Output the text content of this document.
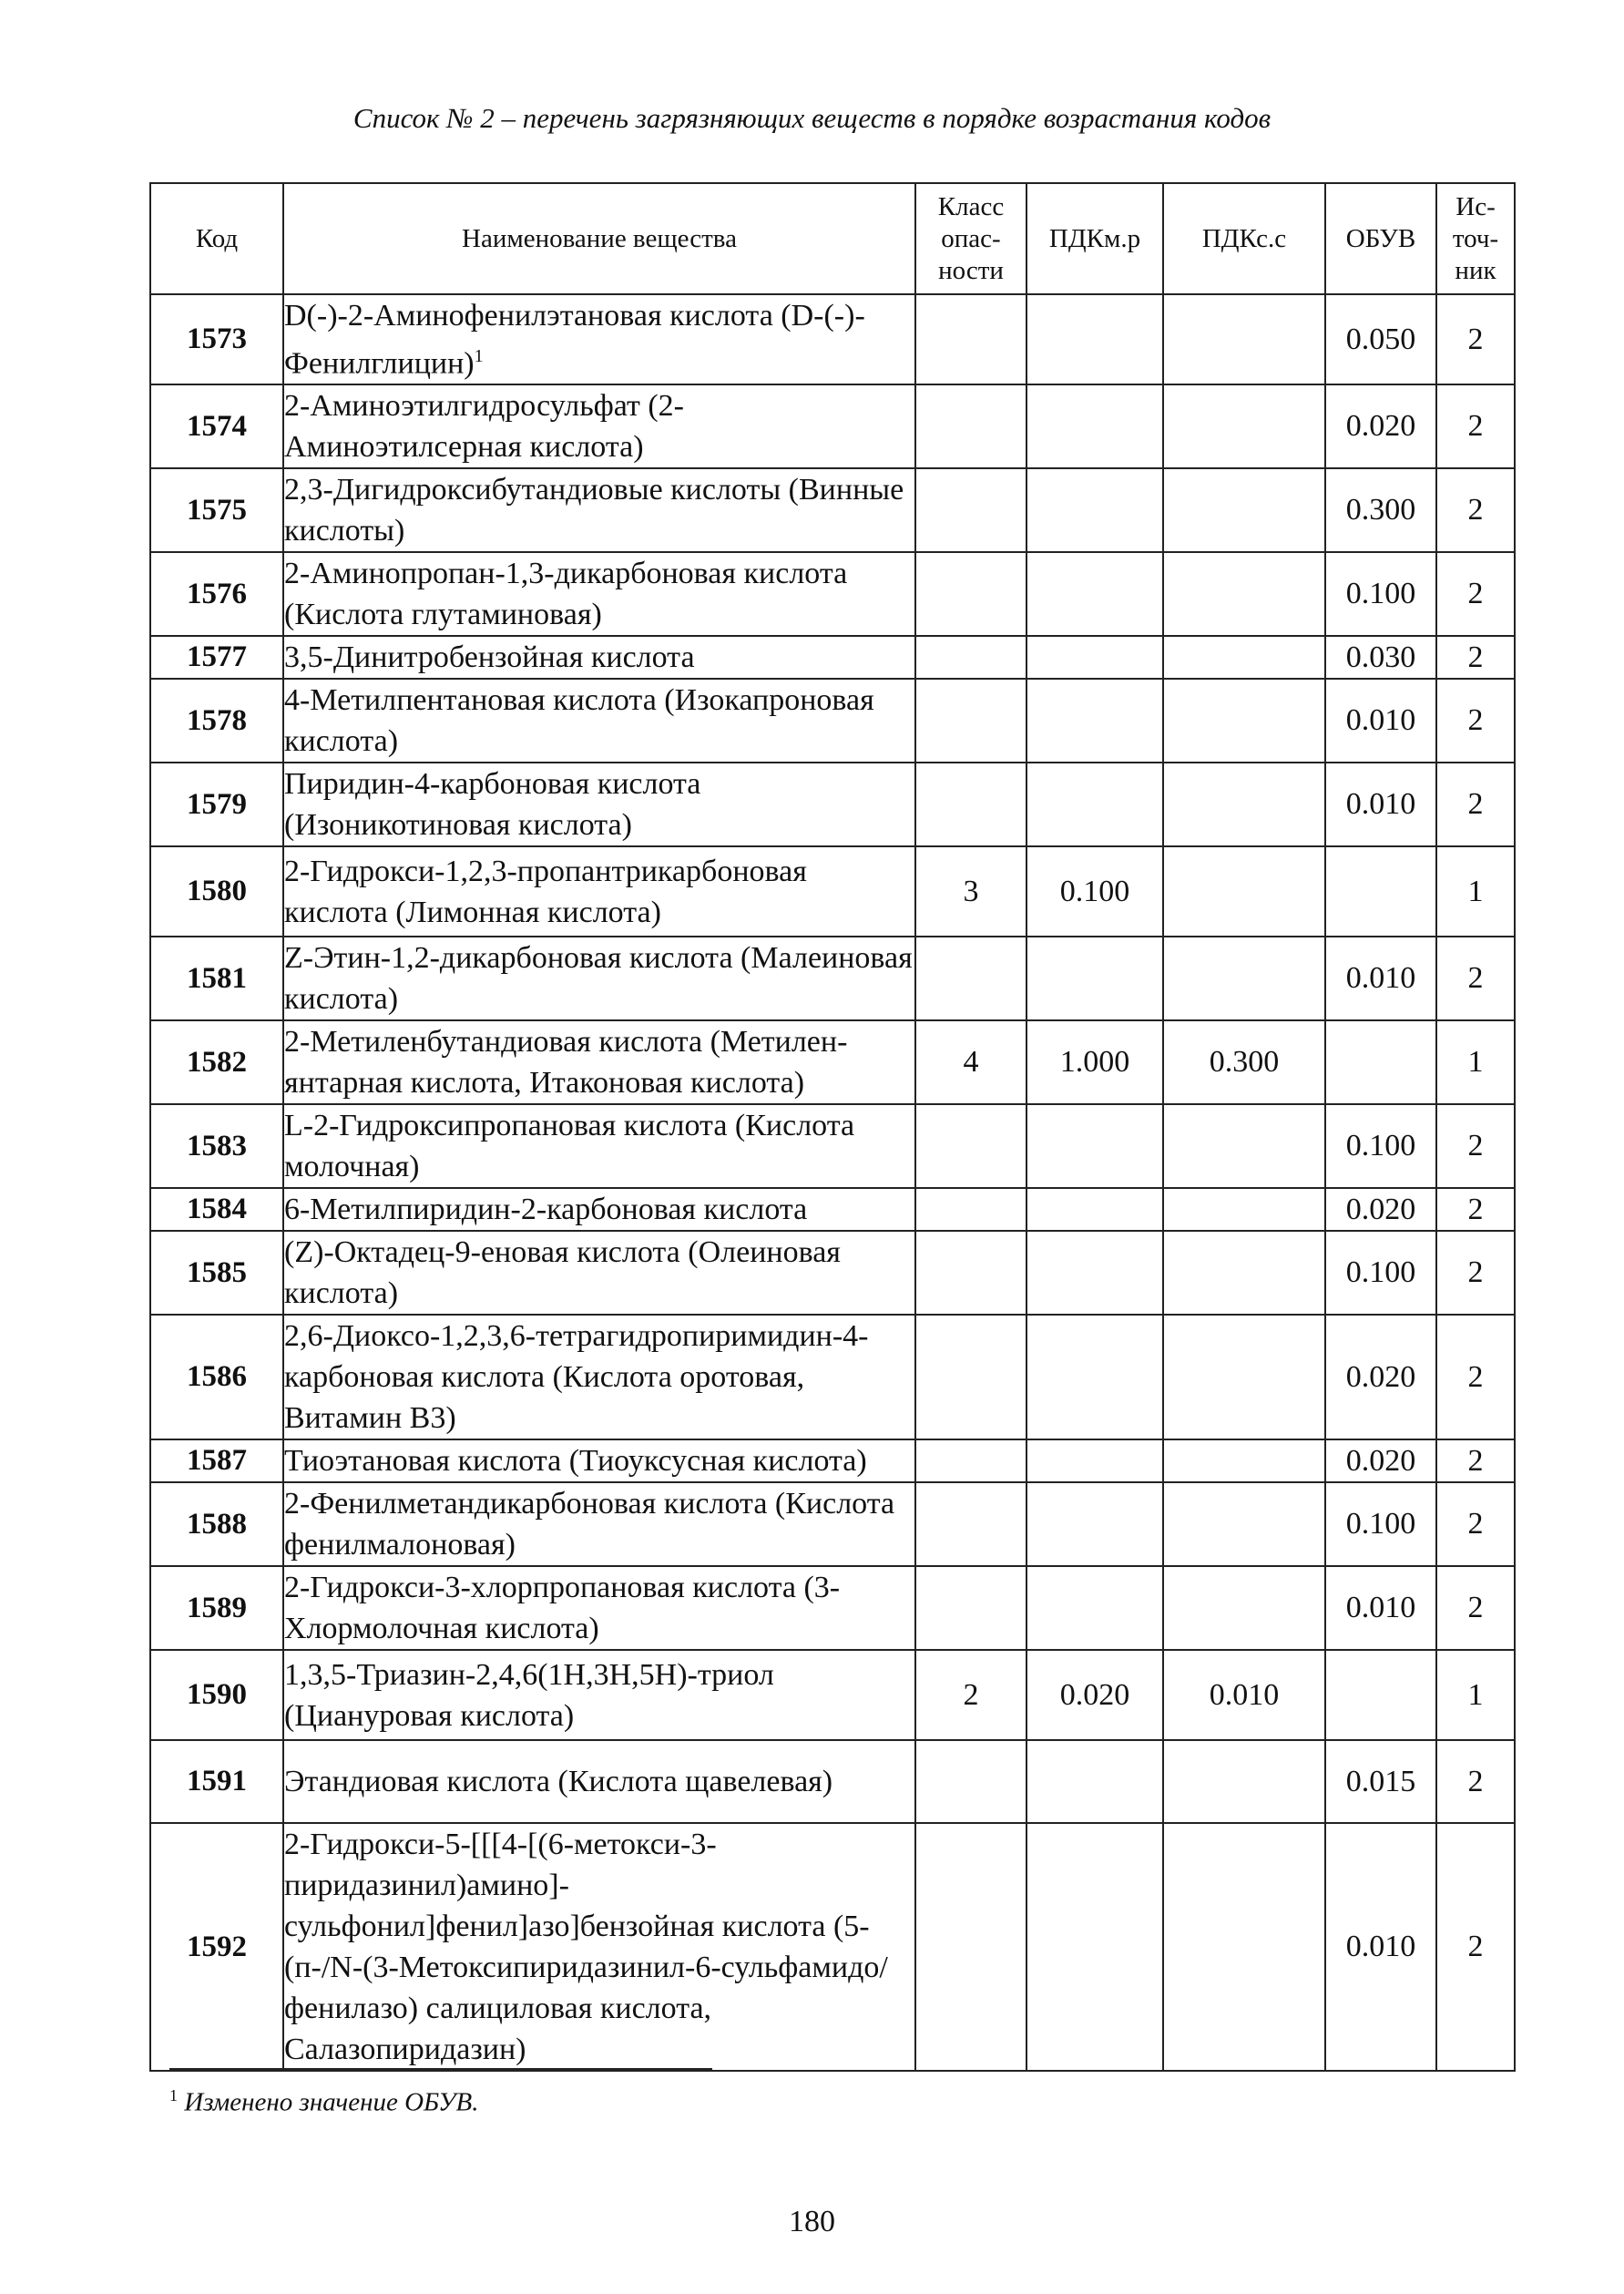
Список № 2 – перечень загрязняющих веществ в порядке возрастания кодов
Код	Наименование вещества	Класс опас- ности	ПДКм.р	ПДКс.с	ОБУВ	Ис- точ- ник
1573	D(-)-2-Аминофенилэтановая кислота (D-(-)-Фенилглицин)$^1$				0.050	2
1574	2-Аминоэтилгидросульфат (2-Аминоэтилсерная кислота)				0.020	2
1575	2,3-Дигидроксибутандиовые кислоты (Винные кислоты)				0.300	2
1576	2-Аминопропан-1,3-дикарбоновая кислота (Кислота глутаминовая)				0.100	2
1577	3,5-Динитробензойная кислота				0.030	2
1578	4-Метилпентановая кислота (Изокапроновая кислота)				0.010	2
1579	Пиридин-4-карбоновая кислота (Изоникотиновая кислота)				0.010	2
1580	2-Гидрокси-1,2,3-пропантрикарбоновая кислота (Лимонная кислота)	3	0.100			1
1581	Z-Этин-1,2-дикарбоновая кислота (Малеиновая кислота)				0.010	2
1582	2-Метиленбутандиовая кислота (Метиленянтарная кислота, Итаконовая кислота)	4	1.000	0.300		1
1583	L-2-Гидроксипропановая кислота (Кислота молочная)				0.100	2
1584	6-Метилпиридин-2-карбоновая кислота				0.020	2
1585	(Z)-Октадец-9-еновая кислота (Олеиновая кислота)				0.100	2
1586	2,6-Диоксо-1,2,3,6-тетрагидропиримидин-4-карбоновая кислота (Кислота оротовая, Витамин В3)				0.020	2
1587	Тиоэтановая кислота (Тиоуксусная кислота)				0.020	2
1588	2-Фенилметандикарбоновая кислота (Кислота фенилмалоновая)				0.100	2
1589	2-Гидрокси-3-хлорпропановая кислота (3-Хлормолочная кислота)				0.010	2
1590	1,3,5-Триазин-2,4,6(1H,3H,5H)-триол (Циануровая кислота)	2	0.020	0.010		1
1591	Этандиовая кислота (Кислота щавелевая)				0.015	2
1592	2-Гидрокси-5-[[[4-[(6-метокси-3-пиридазинил)амино]-сульфонил]фенил]азо]бензойная кислота (5-(п-/N-(3-Метоксипиридазинил-6-сульфамидо/фенилазо) салициловая кислота, Салазопиридазин)				0.010	2
$^1$ Изменено значение ОБУВ.
180
